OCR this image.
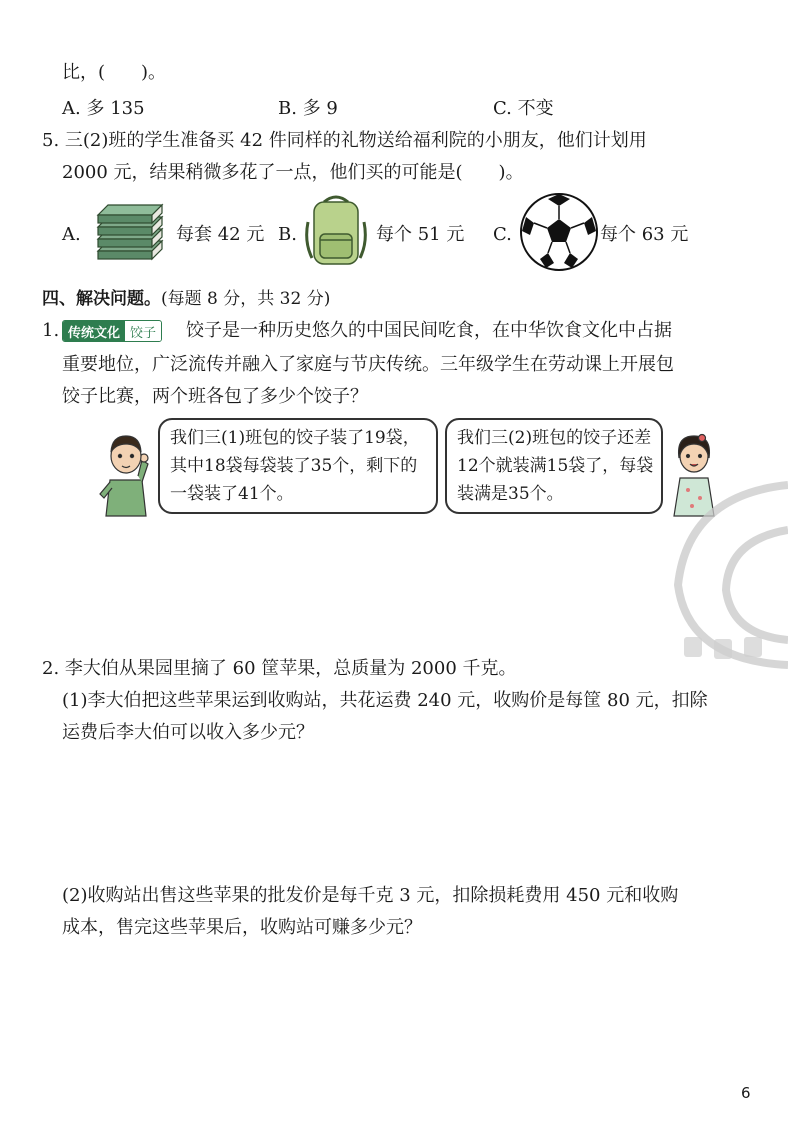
比，(　　)。
A. 多 135	B. 多 9	C. 不变
5. 三(2)班的学生准备买 42 件同样的礼物送给福利院的小朋友，他们计划用
2000 元，结果稍微多花了一点，他们买的可能是(　　)。
A.	每套 42 元 B.	每个 51 元 C.	每个 63 元
四、解决问题。(每题 8 分，共 32 分)
1. 传统文化 饺子 饺子是一种历史悠久的中国民间吃食，在中华饮食文化中占据
重要地位，广泛流传并融入了家庭与节庆传统。三年级学生在劳动课上开展包
饺子比赛，两个班各包了多少个饺子？
我们三(1)班包的饺子装了19袋，
其中18袋每袋装了35个，剩下的
一袋装了41个。
我们三(2)班包的饺子还差
12个就装满15袋了，每袋
装满是35个。
2. 李大伯从果园里摘了 60 筐苹果，总质量为 2000 千克。
(1)李大伯把这些苹果运到收购站，共花运费 240 元，收购价是每筐 80 元，扣除
运费后李大伯可以收入多少元？
(2)收购站出售这些苹果的批发价是每千克 3 元，扣除损耗费用 450 元和收购
成本，售完这些苹果后，收购站可赚多少元？
6
